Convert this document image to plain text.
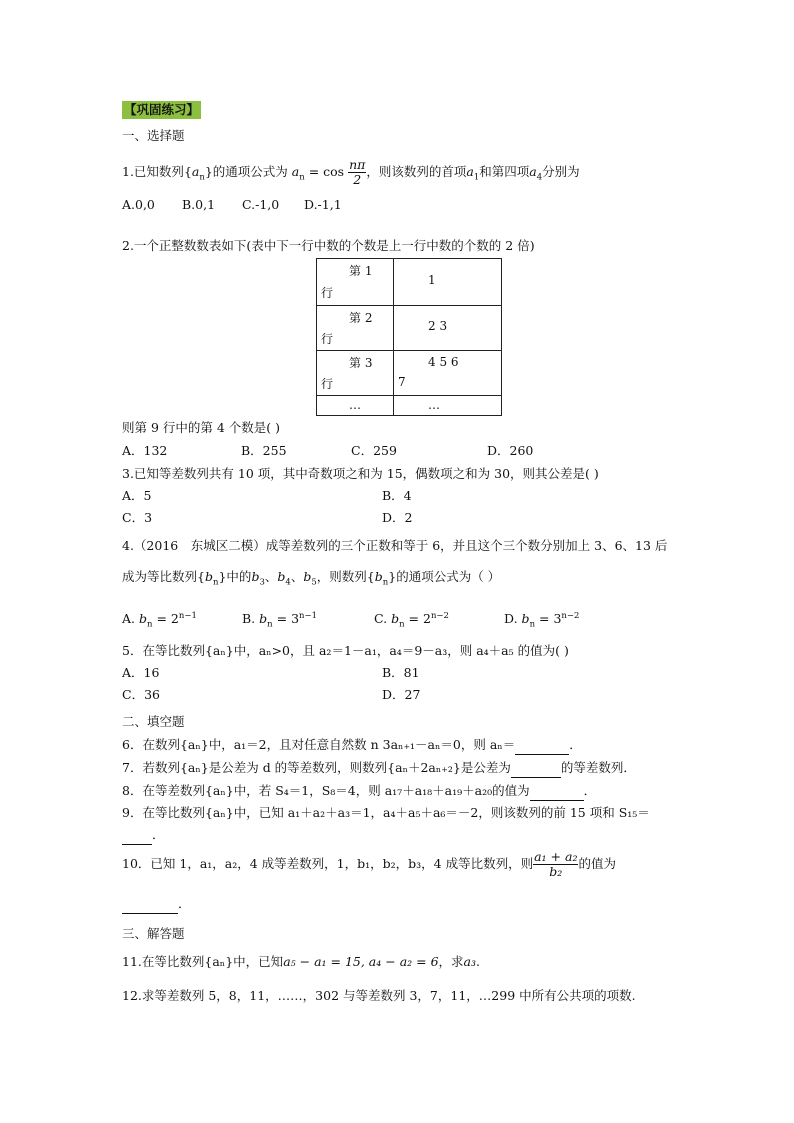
【巩固练习】
一、选择题
1.已知数列$\{a_n\}$的通项公式为 $a_n = \cos \frac{n\pi}{2}$ ，则该数列的首项$a_1$和第四项$a_4$分别为
A.0,0 B.0,1 C.-1,0 D.-1,1
2.一个正整数数表如下(表中下一行中数的个数是上一行中数的个数的 2 倍)
第 1
行	1

第 2
行	2 3

第 3
行	4 5 6
7

…	…
则第 9 行中的第 4 个数是( )
A．132	B．255	C．259	D．260
3.已知等差数列共有 10 项，其中奇数项之和为 15，偶数项之和为 30，则其公差是( )
A．5	B．4
C．3	D．2
4.（2016　东城区二模）成等差数列的三个正数和等于 6，并且这个三个数分别加上 3、6、13 后
成为等比数列$\{b_n\}$中的$b_3$、$b_4$、$b_5$，则数列$\{b_n\}$的通项公式为（ ）
A. $b_n = 2^{n-1}$	B. $b_n = 3^{n-1}$	C. $b_n = 2^{n-2}$	D. $b_n = 3^{n-2}$
5．在等比数列{aₙ}中，aₙ>0，且 a₂＝1－a₁，a₄＝9－a₃，则 a₄＋a₅ 的值为( )
A．16	B．81
C．36	D．27
二、填空题
6．在数列{aₙ}中，a₁＝2，且对任意自然数 n 3aₙ₊₁－aₙ＝0，则 aₙ＝	．
7．若数列{aₙ}是公差为 d 的等差数列，则数列{aₙ＋2aₙ₊₂}是公差为	的等差数列．
8．在等差数列{aₙ}中，若 S₄＝1，S₈＝4，则 a₁₇＋a₁₈＋a₁₉＋a₂₀的值为	．
9．在等比数列{aₙ}中，已知 a₁＋a₂＋a₃＝1，a₄＋a₅＋a₆＝－2，则该数列的前 15 项和 S₁₅＝
．
10．已知 1，a₁，a₂，4 成等差数列，1，b₁，b₂，b₃，4 成等比数列，则 $\frac{\text{a₁ + a₂}}{\text{b₂}}$ 的值为
．
三、解答题
11.在等比数列{aₙ}中，已知a₅ − a₁ = 15, a₄ − a₂ = 6，求a₃.
12.求等差数列 5，8，11，……，302 与等差数列 3，7，11，…299 中所有公共项的项数.
